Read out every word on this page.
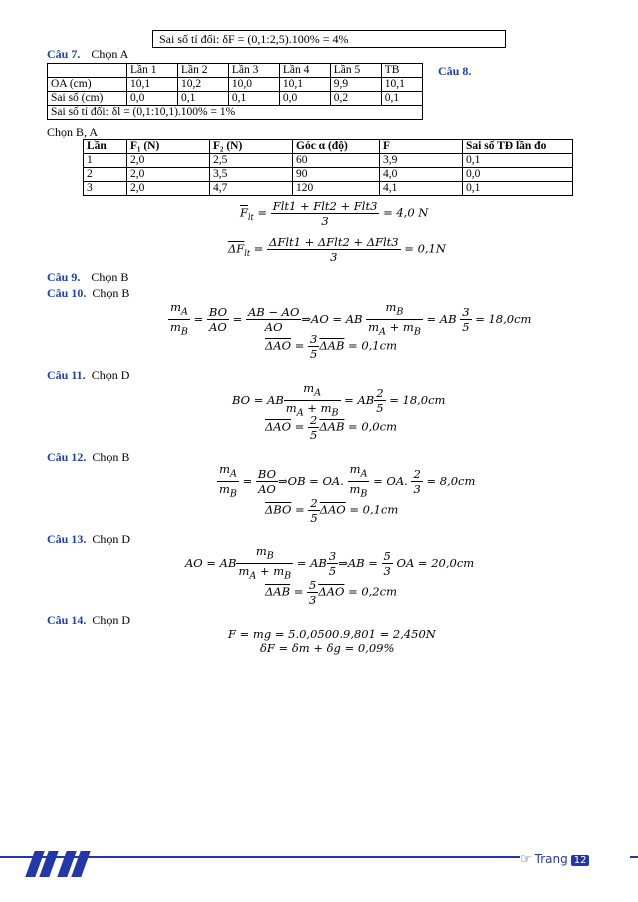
Sai số tỉ đối: δF = (0,1:2,5).100% = 4%
Câu 7. Chọn A
Câu 8.
	Lần 1	Lần 2	Lần 3	Lần 4	Lần 5	TB
OA (cm)	10,1	10,2	10,0	10,1	9,9	10,1
Sai số (cm)	0,0	0,1	0,1	0,0	0,2	0,1
Sai số tỉ đối: δl = (0,1:10,1).100% = 1%						
Chọn B, A
Lần	F₁ (N)	F₂ (N)	Góc α (độ)	F	Sai số TĐ lần đo
1	2,0	2,5	60	3,9	0,1
2	2,0	3,5	90	4,0	0,0
3	2,0	4,7	120	4,1	0,1
$\overline{F}_{lt} = \frac{\text{Flt1 + Flt2 + Flt3}}{3} = 4,0$ N
$\overline{\Delta F}_{lt} = \frac{\text{ΔFlt1 + ΔFlt2 + ΔFlt3}}{3} = 0,1N$
Câu 9. Chọn B
Câu 10. Chọn B
$\frac{m_A}{m_B} = \frac{BO}{AO} = \frac{AB - AO}{AO}$ ⇒AO = AB $\frac{m_B}{m_A + m_B}$ = AB $\frac{3}{5} = 18,0cm$
$\overline{\Delta AO} = \frac{3}{5} \overline{\Delta AB} = 0,1cm$
Câu 11. Chọn D
BO = AB $\frac{m_A}{m_A + m_B}$ = AB $\frac{2}{5} = 18,0cm$
$\overline{\Delta AO} = \frac{2}{5} \overline{\Delta AB} = 0,0cm$
Câu 12. Chọn B
$\frac{m_A}{m_B} = \frac{BO}{AO}$ ⇒OB = OA. $\frac{m_A}{m_B}$ = OA. $\frac{2}{3} = 8,0cm$
$\overline{\Delta BO} = \frac{2}{5} \overline{\Delta AO} = 0,1cm$
Câu 13. Chọn D
AO = AB $\frac{m_B}{m_A + m_B}$ = AB $\frac{3}{5}$ ⇒AB = $\frac{5}{3}$ OA = 20,0cm
$\overline{\Delta AB} = \frac{5}{3} \overline{\Delta AO} = 0,2cm$
Câu 14. Chọn D
F = mg = 5.0,0500.9,801 = 2,450N
δF = δm + δg = 0,09%
☞ Trang 12
